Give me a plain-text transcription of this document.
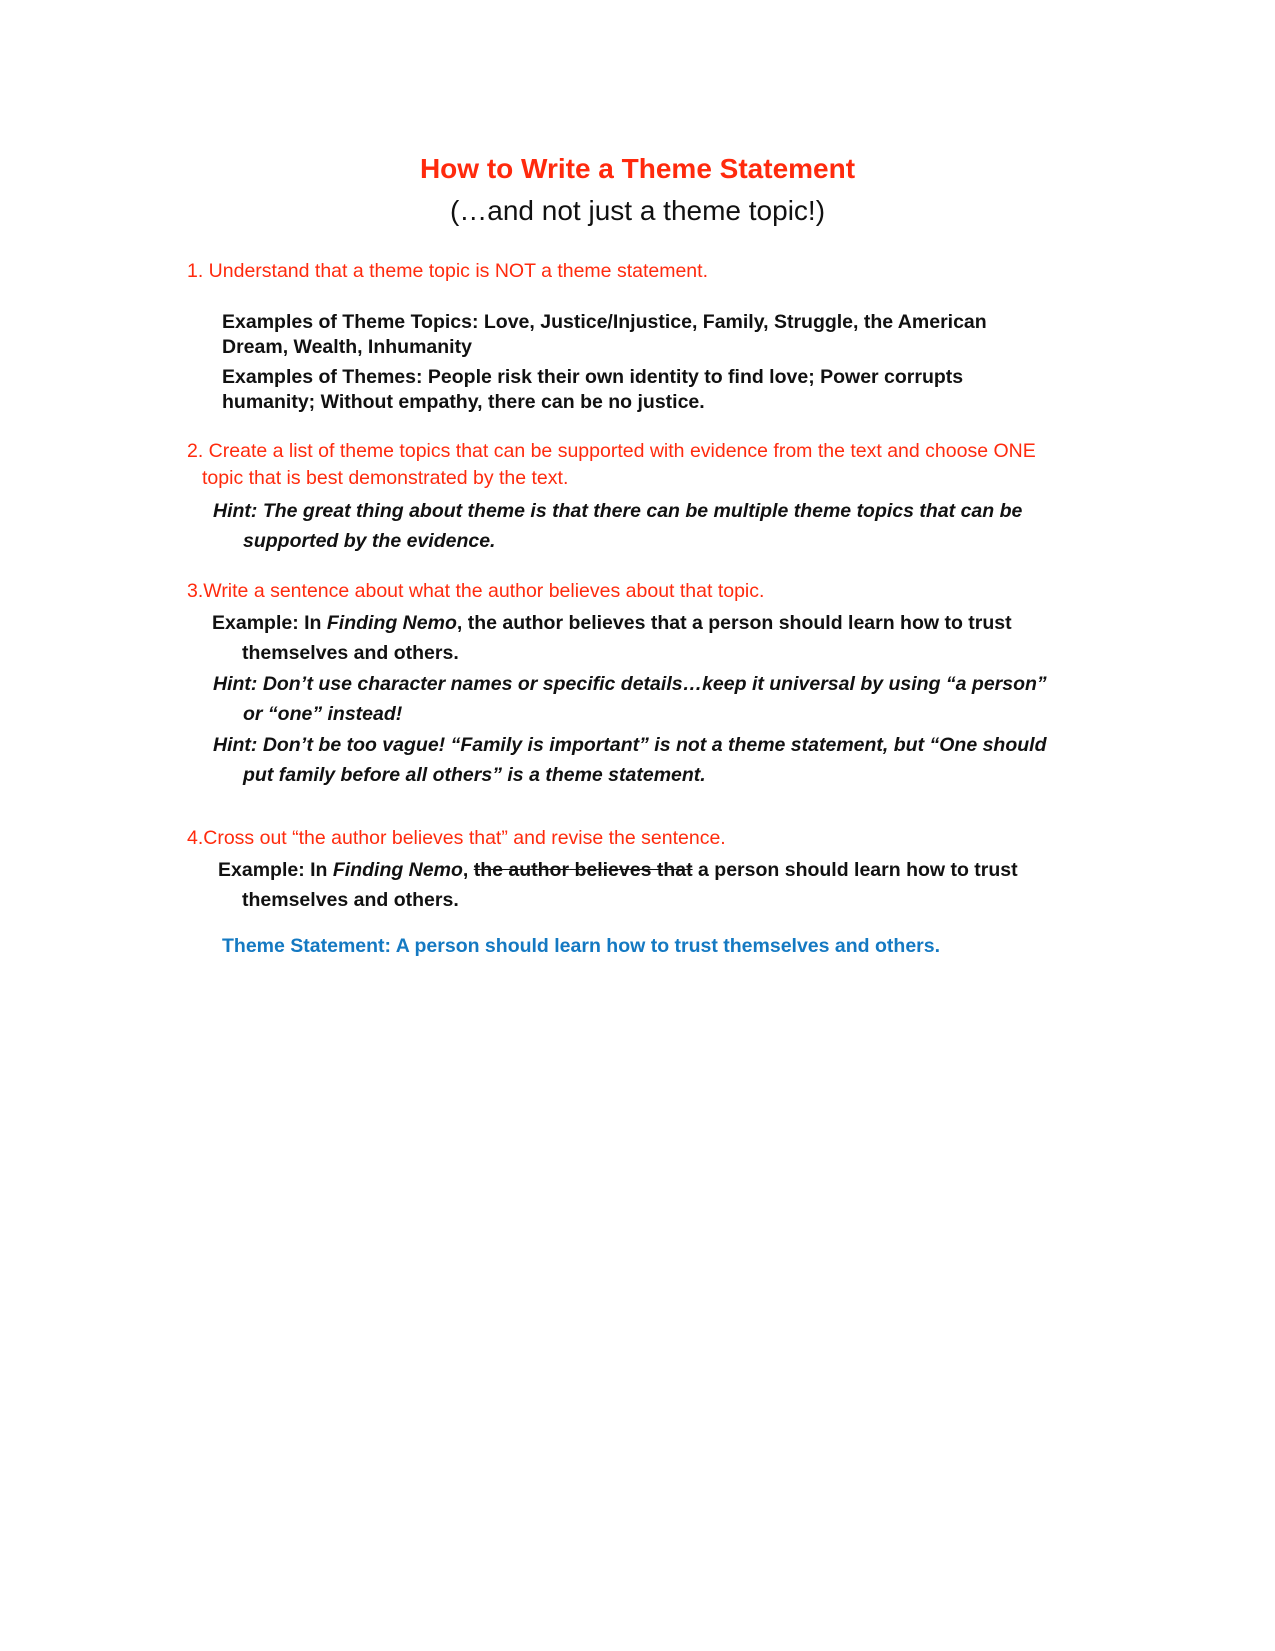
How to Write a Theme Statement
(…and not just a theme topic!)
1. Understand that a theme topic is NOT a theme statement.
Examples of Theme Topics: Love, Justice/Injustice, Family, Struggle, the American
Dream, Wealth, Inhumanity
Examples of Themes: People risk their own identity to find love; Power corrupts
humanity; Without empathy, there can be no justice.
2. Create a list of theme topics that can be supported with evidence from the text and choose ONE
topic that is best demonstrated by the text.
Hint: The great thing about theme is that there can be multiple theme topics that can be
supported by the evidence.
3.Write a sentence about what the author believes about that topic.
Example: In Finding Nemo, the author believes that a person should learn how to trust
themselves and others.
Hint: Don’t use character names or specific details…keep it universal by using “a person”
or “one” instead!
Hint: Don’t be too vague! “Family is important” is not a theme statement, but “One should
put family before all others” is a theme statement.
4.Cross out “the author believes that” and revise the sentence.
Example: In Finding Nemo, the author believes that a person should learn how to trust
themselves and others.
Theme Statement: A person should learn how to trust themselves and others.
